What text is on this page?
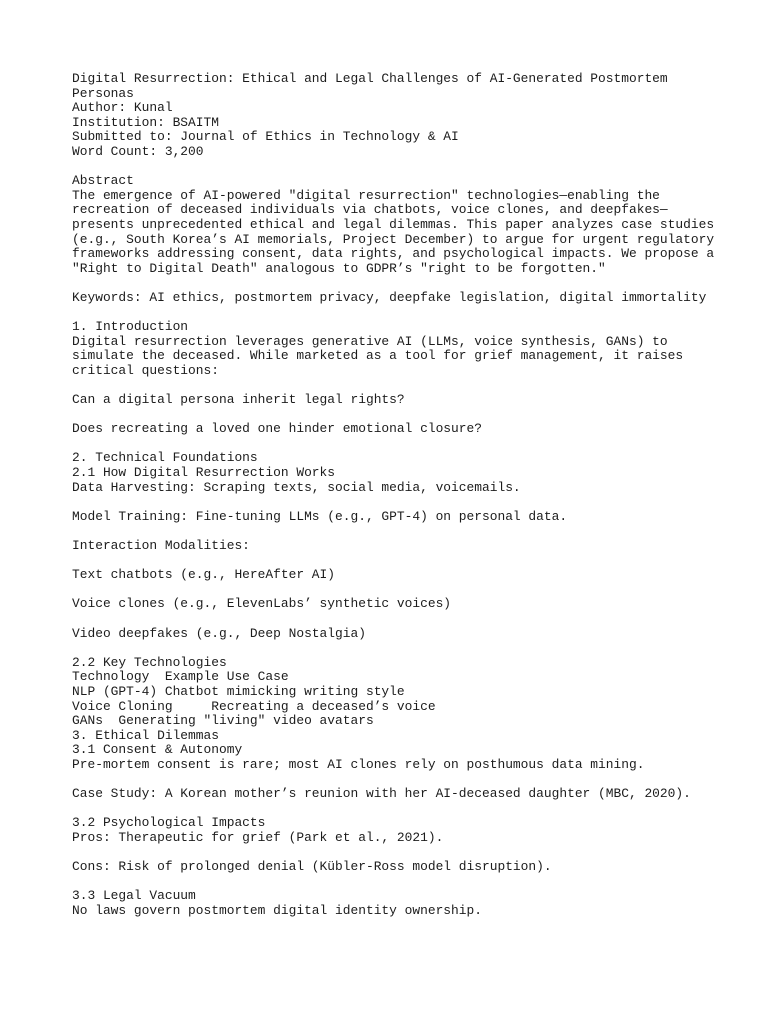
Digital Resurrection: Ethical and Legal Challenges of AI-Generated Postmortem
Personas
Author: Kunal
Institution: BSAITM
Submitted to: Journal of Ethics in Technology & AI
Word Count: 3,200
Abstract
The emergence of AI-powered "digital resurrection" technologies—enabling the
recreation of deceased individuals via chatbots, voice clones, and deepfakes—
presents unprecedented ethical and legal dilemmas. This paper analyzes case studies
(e.g., South Korea’s AI memorials, Project December) to argue for urgent regulatory
frameworks addressing consent, data rights, and psychological impacts. We propose a
"Right to Digital Death" analogous to GDPR’s "right to be forgotten."
Keywords: AI ethics, postmortem privacy, deepfake legislation, digital immortality
1. Introduction
Digital resurrection leverages generative AI (LLMs, voice synthesis, GANs) to
simulate the deceased. While marketed as a tool for grief management, it raises
critical questions:
Can a digital persona inherit legal rights?
Does recreating a loved one hinder emotional closure?
2. Technical Foundations
2.1 How Digital Resurrection Works
Data Harvesting: Scraping texts, social media, voicemails.
Model Training: Fine-tuning LLMs (e.g., GPT-4) on personal data.
Interaction Modalities:
Text chatbots (e.g., HereAfter AI)
Voice clones (e.g., ElevenLabs’ synthetic voices)
Video deepfakes (e.g., Deep Nostalgia)
2.2 Key Technologies
Technology  Example Use Case
NLP (GPT-4) Chatbot mimicking writing style
Voice Cloning     Recreating a deceased’s voice
GANs  Generating "living" video avatars
3. Ethical Dilemmas
3.1 Consent & Autonomy
Pre-mortem consent is rare; most AI clones rely on posthumous data mining.
Case Study: A Korean mother’s reunion with her AI-deceased daughter (MBC, 2020).
3.2 Psychological Impacts
Pros: Therapeutic for grief (Park et al., 2021).
Cons: Risk of prolonged denial (Kübler-Ross model disruption).
3.3 Legal Vacuum
No laws govern postmortem digital identity ownership.
